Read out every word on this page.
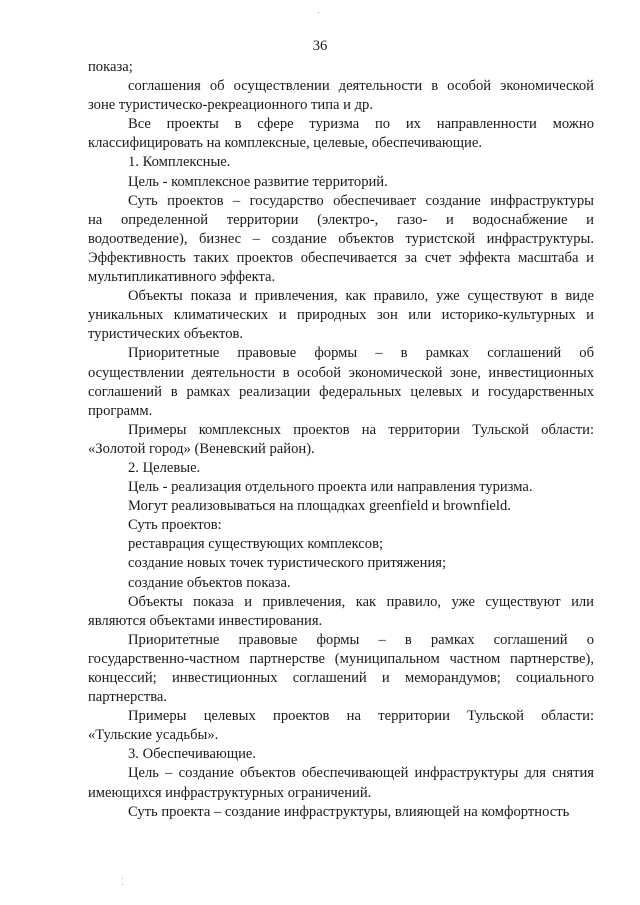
36
показа;
соглашения об осуществлении деятельности в особой экономической
зоне туристическо-рекреационного типа и др.
Все проекты в сфере туризма по их направленности можно
классифицировать на комплексные, целевые, обеспечивающие.
1. Комплексные.
Цель - комплексное развитие территорий.
Суть проектов – государство обеспечивает создание инфраструктуры
на определенной территории (электро-, газо- и водоснабжение и
водоотведение), бизнес – создание объектов туристской инфраструктуры.
Эффективность таких проектов обеспечивается за счет эффекта масштаба и
мультипликативного эффекта.
Объекты показа и привлечения, как правило, уже существуют в виде
уникальных климатических и природных зон или историко-культурных и
туристических объектов.
Приоритетные правовые формы – в рамках соглашений об
осуществлении деятельности в особой экономической зоне, инвестиционных
соглашений в рамках реализации федеральных целевых и государственных
программ.
Примеры комплексных проектов на территории Тульской области:
«Золотой город» (Веневский район).
2. Целевые.
Цель - реализация отдельного проекта или направления туризма.
Могут реализовываться на площадках greenfield и brownfield.
Суть проектов:
реставрация существующих комплексов;
создание новых точек туристического притяжения;
создание объектов показа.
Объекты показа и привлечения, как правило, уже существуют или
являются объектами инвестирования.
Приоритетные правовые формы – в рамках соглашений о
государственно-частном партнерстве (муниципальном частном партнерстве),
концессий; инвестиционных соглашений и меморандумов; социального
партнерства.
Примеры целевых проектов на территории Тульской области:
«Тульские усадьбы».
3. Обеспечивающие.
Цель – создание объектов обеспечивающей инфраструктуры для снятия
имеющихся инфраструктурных ограничений.
Суть проекта – создание инфраструктуры, влияющей на комфортность
